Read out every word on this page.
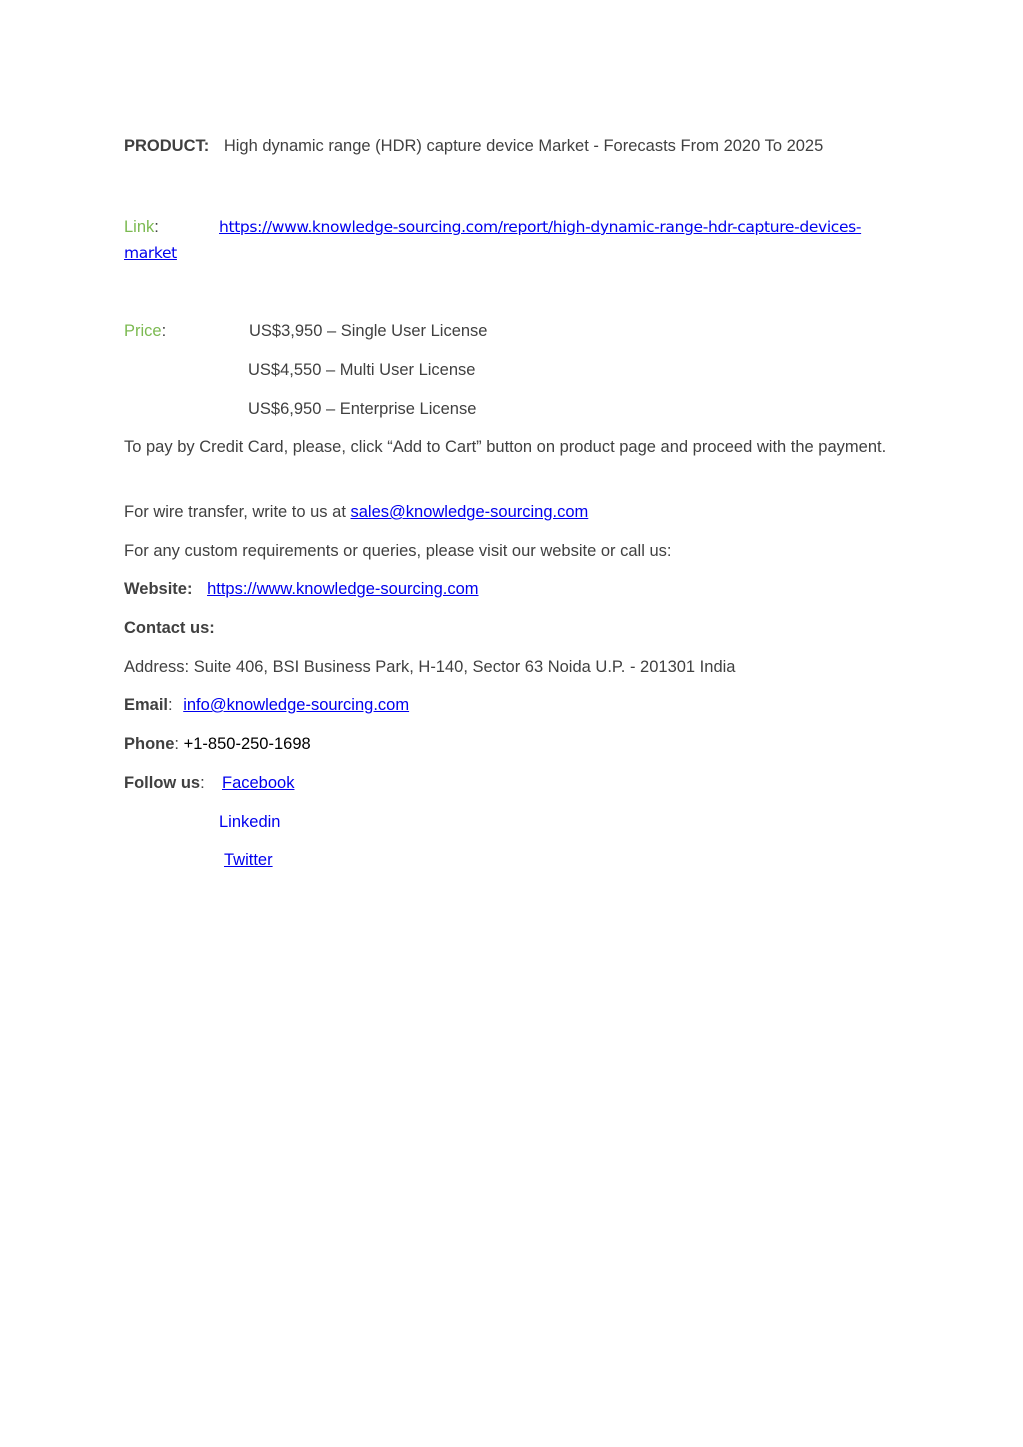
PRODUCT: High dynamic range (HDR) capture device Market - Forecasts From 2020 To 2025
Link:	https://www.knowledge-sourcing.com/report/high-dynamic-range-hdr-capture-devices-
market
Price:	US$3,950 – Single User License
US$4,550 – Multi User License
US$6,950 – Enterprise License
To pay by Credit Card, please, click “Add to Cart” button on product page and proceed with the payment.
For wire transfer, write to us at sales@knowledge-sourcing.com
For any custom requirements or queries, please visit our website or call us:
Website: https://www.knowledge-sourcing.com
Contact us:
Address: Suite 406, BSI Business Park, H-140, Sector 63 Noida U.P. - 201301 India
Email: info@knowledge-sourcing.com
Phone: +1-850-250-1698
Follow us: Facebook
Linkedin
Twitter
